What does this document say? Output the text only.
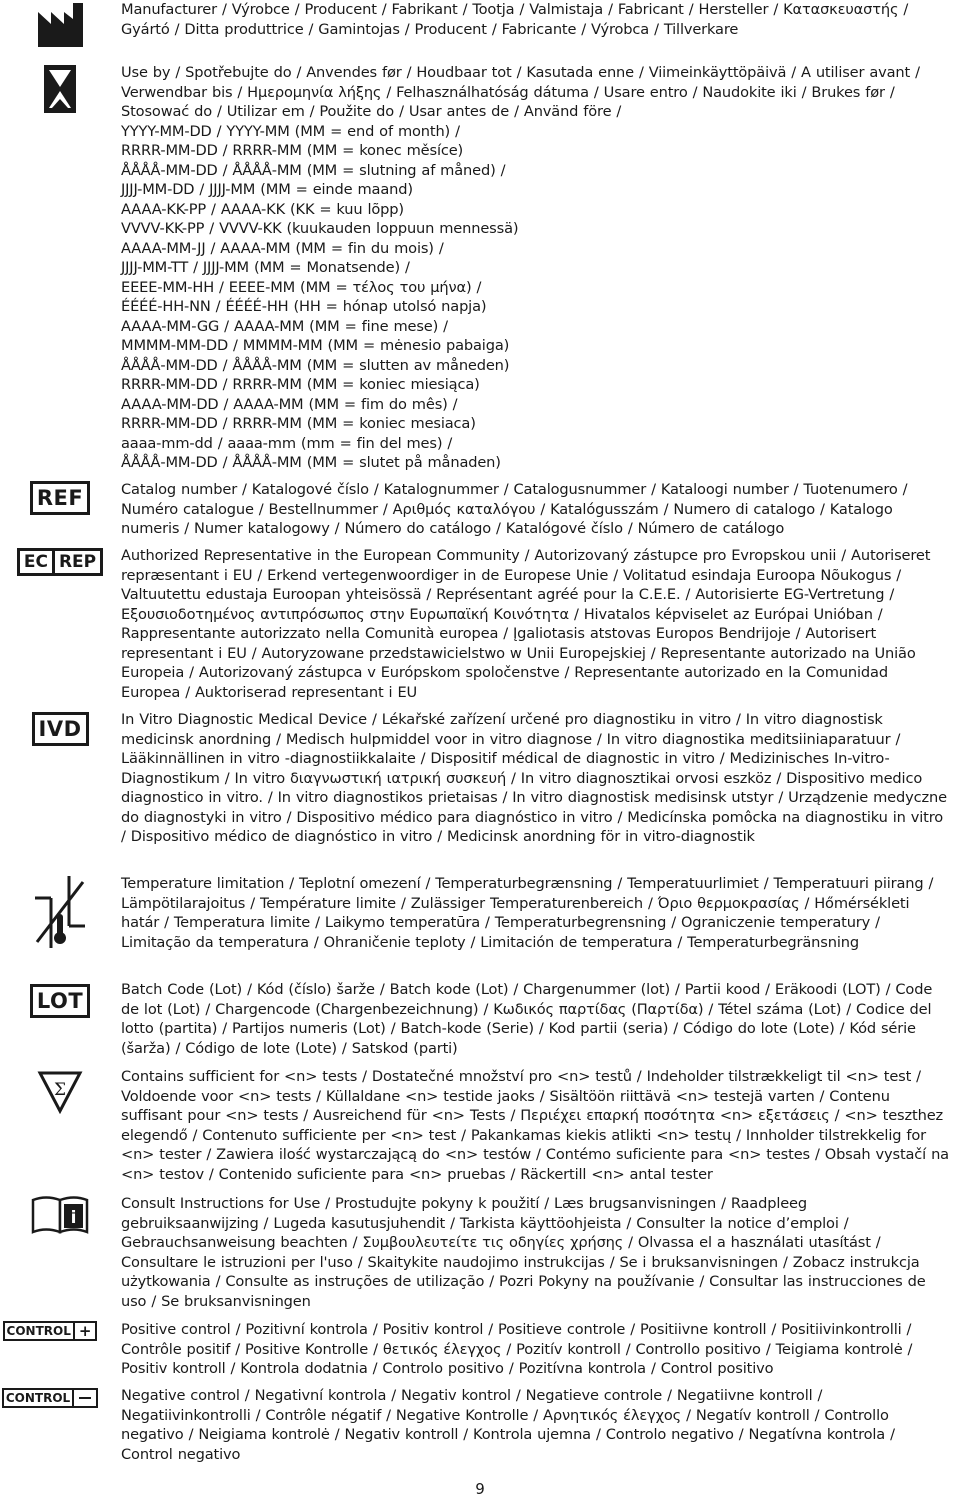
REF
EC REP
IVD
LOT
Σ
i
CONTROL +
CONTROL

Manufacturer / Výrobce / Producent / Fabrikant / Tootja / Valmistaja / Fabricant / Hersteller / Κατασκευαστής / Gyártó / Ditta produttrice / Gamintojas / Producent / Fabricante / Výrobca / Tillverkare

Use by / Spotřebujte do / Anvendes før / Houdbaar tot / Kasutada enne / Viimeinkäyttöpäivä / A utiliser avant / Verwendbar bis / Ημερομηνία λήξης / Felhasználhatóság dátuma / Usare entro / Naudokite iki / Brukes før / Stosować do / Utilizar em / Použite do / Usar antes de / Använd före /

YYYY-MM-DD / YYYY-MM (MM = end of month) /

RRRR-MM-DD / RRRR-MM (MM = konec měsíce)

ÅÅÅÅ-MM-DD / ÅÅÅÅ-MM (MM = slutning af måned) /

JJJJ-MM-DD / JJJJ-MM (MM = einde maand)

AAAA-KK-PP / AAAA-KK (KK = kuu lõpp)

VVVV-KK-PP / VVVV-KK (kuukauden loppuun mennessä)

AAAA-MM-JJ / AAAA-MM (MM = fin du mois) /

JJJJ-MM-TT / JJJJ-MM (MM = Monatsende) /

EEEE-MM-HH / EEEE-MM (MM = τέλος του μήνα) /

ÉÉÉÉ-HH-NN / ÉÉÉÉ-HH (HH = hónap utolsó napja)

AAAA-MM-GG / AAAA-MM (MM = fine mese) /

MMMM-MM-DD / MMMM-MM (MM = mėnesio pabaiga)

ÅÅÅÅ-MM-DD / ÅÅÅÅ-MM (MM = slutten av måneden)

RRRR-MM-DD / RRRR-MM (MM = koniec miesiąca)

AAAA-MM-DD / AAAA-MM (MM = fim do mês) /

RRRR-MM-DD / RRRR-MM (MM = koniec mesiaca)

aaaa-mm-dd / aaaa-mm (mm = fin del mes) /

ÅÅÅÅ-MM-DD / ÅÅÅÅ-MM (MM = slutet på månaden)

Catalog number / Katalogové číslo / Katalognummer / Catalogusnummer / Kataloogi number / Tuotenumero / Numéro catalogue / Bestellnummer / Αριθμός καταλόγου / Katalógusszám / Numero di catalogo / Katalogo numeris / Numer katalogowy / Número do catálogo / Katalógové číslo / Número de catálogo

Authorized Representative in the European Community / Autorizovaný zástupce pro Evropskou unii / Autoriseret repræsentant i EU / Erkend vertegenwoordiger in de Europese Unie / Volitatud esindaja Euroopa Nõukogus / Valtuutettu edustaja Euroopan yhteisössä / Représentant agréé pour la C.E.E. / Autorisierte EG-Vertretung / Εξουσιοδοτημένος αντιπρόσωπος στην Ευρωπαϊκή Κοινότητα / Hivatalos képviselet az Európai Unióban / Rappresentante autorizzato nella Comunità europea / Įgaliotasis atstovas Europos Bendrijoje / Autorisert representant i EU / Autoryzowane przedstawicielstwo w Unii Europejskiej / Representante autorizado na União Europeia / Autorizovaný zástupca v Európskom spoločenstve / Representante autorizado en la Comunidad Europea / Auktoriserad representant i EU

In Vitro Diagnostic Medical Device / Lékařské zařízení určené pro diagnostiku in vitro / In vitro diagnostisk medicinsk anordning / Medisch hulpmiddel voor in vitro diagnose / In vitro diagnostika meditsiiniaparatuur / Lääkinnällinen in vitro -diagnostiikkalaite / Dispositif médical de diagnostic in vitro / Medizinisches In-vitro-Diagnostikum / In vitro διαγνωστική ιατρική συσκευή / In vitro diagnosztikai orvosi eszköz / Dispositivo medico diagnostico in vitro. / In vitro diagnostikos prietaisas / In vitro diagnostisk medisinsk utstyr / Urządzenie medyczne do diagnostyki in vitro / Dispositivo médico para diagnóstico in vitro / Medicínska pomôcka na diagnostiku in vitro / Dispositivo médico de diagnóstico in vitro / Medicinsk anordning för in vitro-diagnostik

Temperature limitation / Teplotní omezení / Temperaturbegrænsning / Temperatuurlimiet / Temperatuuri piirang / Lämpötilarajoitus / Température limite / Zulässiger Temperaturenbereich / Όριο θερμοκρασίας / Hőmérsékleti határ / Temperatura limite / Laikymo temperatūra / Temperaturbegrensning / Ograniczenie temperatury / Limitação da temperatura / Ohraničenie teploty / Limitación de temperatura / Temperaturbegränsning

Batch Code (Lot) / Kód (číslo) šarže / Batch kode (Lot) / Chargenummer (lot) / Partii kood / Eräkoodi (LOT) / Code de lot (Lot) / Chargencode (Chargenbezeichnung) / Κωδικός παρτίδας (Παρτίδα) / Tétel száma (Lot) / Codice del lotto (partita) / Partijos numeris (Lot) / Batch-kode (Serie) / Kod partii (seria) / Código do lote (Lote) / Kód série (šarža) / Código de lote (Lote) / Satskod (parti)

Contains sufficient for <n> tests / Dostatečné množství pro <n> testů / Indeholder tilstrækkeligt til <n> test / Voldoende voor <n> tests / Küllaldane <n> testide jaoks / Sisältöön riittävä <n> testejä varten / Contenu suffisant pour <n> tests / Ausreichend für <n> Tests / Περιέχει επαρκή ποσότητα <n> εξετάσεις / <n> teszthez elegendő / Contenuto sufficiente per <n> test / Pakankamas kiekis atlikti <n> testų / Innholder tilstrekkelig for <n> tester / Zawiera ilość wystarczającą do <n> testów / Contémo suficiente para <n> testes / Obsah vystačí na <n> testov / Contenido suficiente para <n> pruebas / Räckertill <n> antal tester

Consult Instructions for Use / Prostudujte pokyny k použití / Læs brugsanvisningen / Raadpleeg gebruiksaanwijzing / Lugeda kasutusjuhendit / Tarkista käyttöohjeista / Consulter la notice d’emploi / Gebrauchsanweisung beachten / Συμβουλευτείτε τις οδηγίες χρήσης / Olvassa el a használati utasítást / Consultare le istruzioni per l'uso / Skaitykite naudojimo instrukcijas / Se i bruksanvisningen / Zobacz instrukcja użytkowania / Consulte as instruções de utilização / Pozri Pokyny na používanie / Consultar las instrucciones de uso / Se bruksanvisningen

Positive control / Pozitivní kontrola / Positiv kontrol / Positieve controle / Positiivne kontroll / Positiivinkontrolli / Contrôle positif / Positive Kontrolle / θετικός έλεγχος / Pozitív kontroll / Controllo positivo / Teigiama kontrolė / Positiv kontroll / Kontrola dodatnia / Controlo positivo / Pozitívna kontrola / Control positivo

Negative control / Negativní kontrola / Negativ kontrol / Negatieve controle / Negatiivne kontroll / Negatiivinkontrolli / Contrôle négatif / Negative Kontrolle / Αρνητικός έλεγχος / Negatív kontroll / Controllo negativo / Neigiama kontrolė / Negativ kontroll / Kontrola ujemna / Controlo negativo / Negatívna kontrola / Control negativo

9
